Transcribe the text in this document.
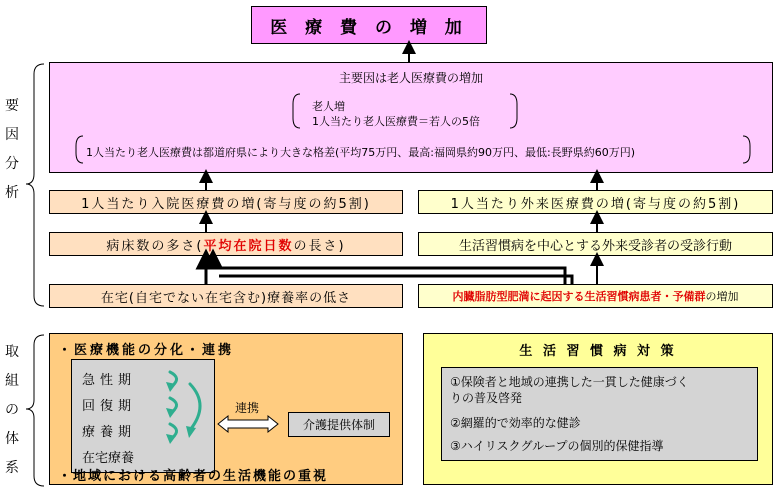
医 療 費 の 増 加
要
因
分
析
取
組
の
体
系
主要因は老人医療費の増加
老人増
1人当たり老人医療費＝若人の5倍
1人当たり老人医療費は都道府県により大きな格差(平均75万円、最高:福岡県約90万円、最低:長野県約60万円)
1人当たり入院医療費の増(寄与度の約5割)	1人当たり外来医療費の増(寄与度の約5割)
病床数の多さ(平均在院日数の長さ)	生活習慣病を中心とする外来受診者の受診行動
在宅(自宅でない在宅含む)療養率の低さ	内臓脂肪型肥満に起因する生活習慣病患者・予備群の増加
・医療機能の分化・連携
急性期
回復期
療養期
在宅療養
連携
介護提供体制
・地域における高齢者の生活機能の重視
生 活 習 慣 病 対 策
①保険者と地域の連携した一貫した健康づくりの普及啓発
②網羅的で効率的な健診
③ハイリスクグループの個別的保健指導
